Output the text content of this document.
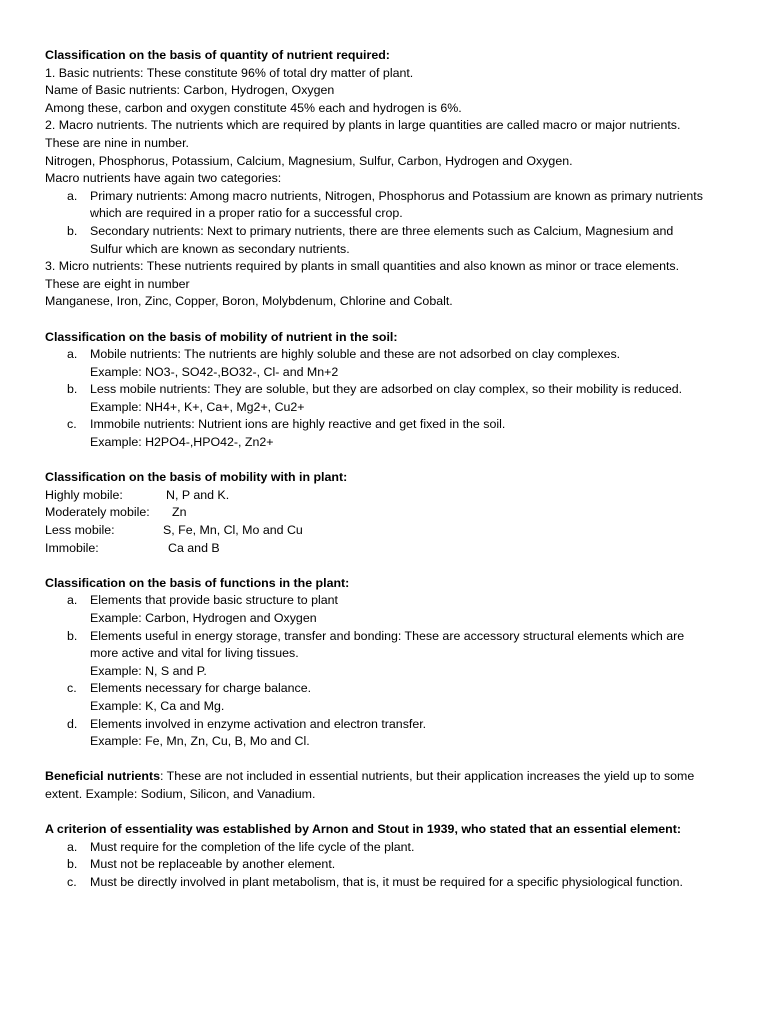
Classification on the basis of quantity of nutrient required:
1. Basic nutrients: These constitute 96% of total dry matter of plant.
Name of Basic nutrients: Carbon, Hydrogen, Oxygen
Among these, carbon and oxygen constitute 45% each and hydrogen is 6%.
2. Macro nutrients. The nutrients which are required by plants in large quantities are called macro or major nutrients.
These are nine in number.
Nitrogen, Phosphorus, Potassium, Calcium, Magnesium, Sulfur, Carbon, Hydrogen and Oxygen.
Macro nutrients have again two categories:
a. Primary nutrients: Among macro nutrients, Nitrogen, Phosphorus and Potassium are known as primary nutrients
which are required in a proper ratio for a successful crop.
b. Secondary nutrients: Next to primary nutrients, there are three elements such as Calcium, Magnesium and
Sulfur which are known as secondary nutrients.
3. Micro nutrients: These nutrients required by plants in small quantities and also known as minor or trace elements.
These are eight in number
Manganese, Iron, Zinc, Copper, Boron, Molybdenum, Chlorine and Cobalt.
Classification on the basis of mobility of nutrient in the soil:
a. Mobile nutrients: The nutrients are highly soluble and these are not adsorbed on clay complexes.
Example: NO3-, SO42-,BO32-, Cl- and Mn+2
b. Less mobile nutrients: They are soluble, but they are adsorbed on clay complex, so their mobility is reduced.
Example: NH4+, K+, Ca+, Mg2+, Cu2+
c. Immobile nutrients: Nutrient ions are highly reactive and get fixed in the soil.
Example: H2PO4-,HPO42-, Zn2+
Classification on the basis of mobility with in plant:
Highly mobile:	N, P and K.
Moderately mobile: Zn
Less mobile:	S, Fe, Mn, Cl, Mo and Cu
Immobile:	Ca and B
Classification on the basis of functions in the plant:
a. Elements that provide basic structure to plant
Example: Carbon, Hydrogen and Oxygen
b. Elements useful in energy storage, transfer and bonding: These are accessory structural elements which are
more active and vital for living tissues.
Example: N, S and P.
c. Elements necessary for charge balance.
Example: K, Ca and Mg.
d. Elements involved in enzyme activation and electron transfer.
Example: Fe, Mn, Zn, Cu, B, Mo and Cl.
Beneficial nutrients: These are not included in essential nutrients, but their application increases the yield up to some
extent. Example: Sodium, Silicon, and Vanadium.
A criterion of essentiality was established by Arnon and Stout in 1939, who stated that an essential element:
a. Must require for the completion of the life cycle of the plant.
b. Must not be replaceable by another element.
c. Must be directly involved in plant metabolism, that is, it must be required for a specific physiological function.
